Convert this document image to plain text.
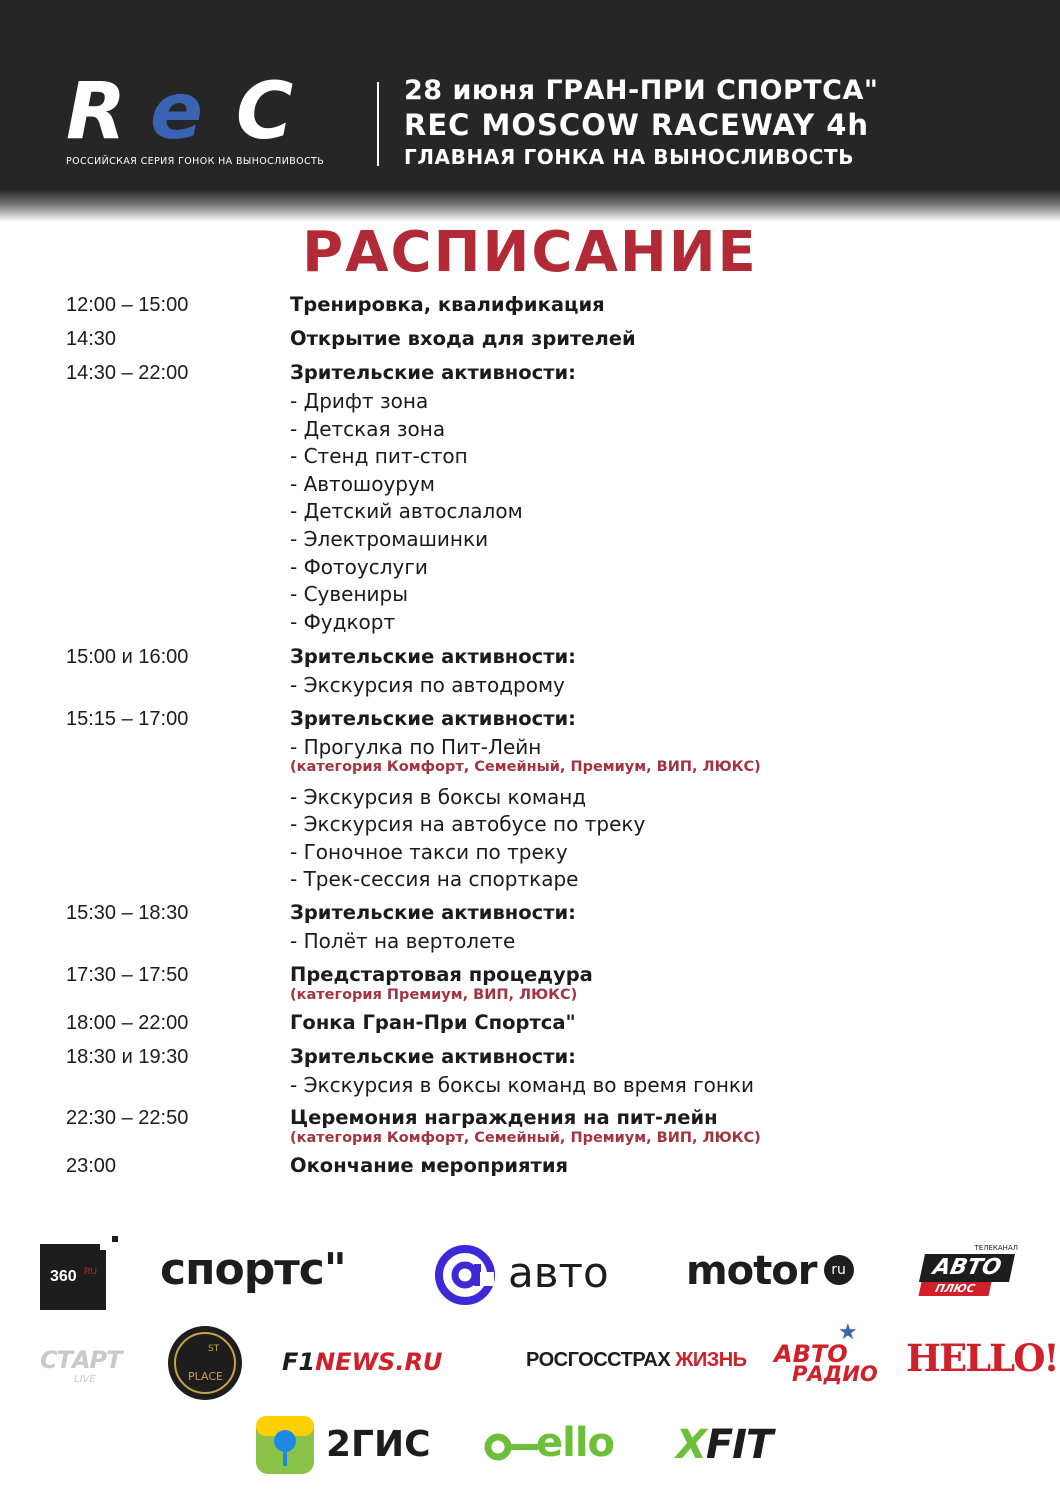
R e C
РОССИЙСКАЯ СЕРИЯ ГОНОК НА ВЫНОСЛИВОСТЬ
28 июня ГРАН-ПРИ СПОРТСА"
REC MOSCOW RACEWAY 4h
ГЛАВНАЯ ГОНКА НА ВЫНОСЛИВОСТЬ
РАСПИСАНИЕ
12:00 – 15:00	Тренировка, квалификация
14:30	Открытие входа для зрителей
14:30 – 22:00	Зрительские активности:
- Дрифт зона
- Детская зона
- Стенд пит-стоп
- Автошоурум
- Детский автослалом
- Электромашинки
- Фотоуслуги
- Сувениры
- Фудкорт
15:00 и 16:00	Зрительские активности:
- Экскурсия по автодрому
15:15 – 17:00	Зрительские активности:
- Прогулка по Пит-Лейн
(категория Комфорт, Семейный, Премиум, ВИП, ЛЮКС)
- Экскурсия в боксы команд
- Экскурсия на автобусе по треку
- Гоночное такси по треку
- Трек-сессия на спорткаре
15:30 – 18:30	Зрительские активности:
- Полёт на вертолете
17:30 – 17:50	Предстартовая процедура
(категория Премиум, ВИП, ЛЮКС)
18:00 – 22:00	Гонка Гран-При Спортса"
18:30 и 19:30	Зрительские активности:
- Экскурсия в боксы команд во время гонки
22:30 – 22:50	Церемония награждения на пит-лейн
(категория Комфорт, Семейный, Премиум, ВИП, ЛЮКС)
23:00	Окончание мероприятия
360 RU спортс"	авто motor ru
ТЕЛЕКАНАЛ
АВТО
ПЛЮС
СТАРТ
LIVE
ST
PLACE
F1NEWS.RU	РОСГОССТРАХ ЖИЗНЬ
★
АВТО
РАДИО HELLO!
2ГИС	ello XFIT
